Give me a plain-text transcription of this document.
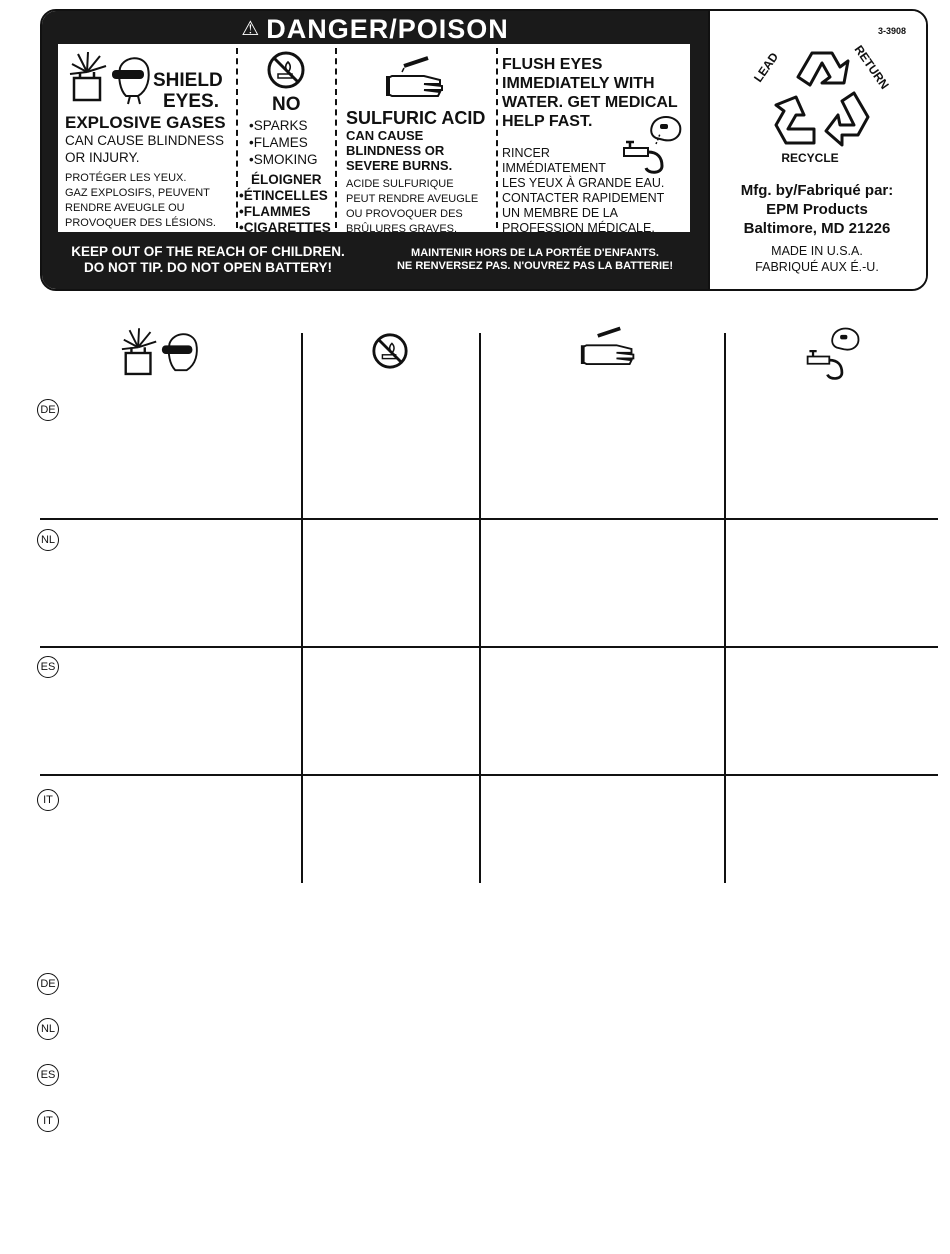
⚠ DANGER/POISON
SHIELD
EYES.
EXPLOSIVE GASES
CAN CAUSE BLINDNESS
OR INJURY.
PROTÉGER LES YEUX.
GAZ EXPLOSIFS, PEUVENT
RENDRE AVEUGLE OU
PROVOQUER DES LÉSIONS.
NO
•SPARKS
•FLAMES
•SMOKING
ÉLOIGNER
•ÉTINCELLES
•FLAMMES
•CIGARETTES
SULFURIC ACID
CAN CAUSE
BLINDNESS OR
SEVERE BURNS.
ACIDE SULFURIQUE
PEUT RENDRE AVEUGLE
OU PROVOQUER DES
BRÛLURES GRAVES.
FLUSH EYES
IMMEDIATELY WITH
WATER. GET MEDICAL
HELP FAST.
RINCER
IMMÉDIATEMENT
LES YEUX À GRANDE EAU.
CONTACTER RAPIDEMENT
UN MEMBRE DE LA
PROFESSION MÉDICALE.
KEEP OUT OF THE REACH OF CHILDREN.
DO NOT TIP. DO NOT OPEN BATTERY!
MAINTENIR HORS DE LA PORTÉE D'ENFANTS.
NE RENVERSEZ PAS. N'OUVREZ PAS LA BATTERIE!
3-3908
LEAD	RETURN
RECYCLE
Mfg. by/Fabriqué par:
EPM Products
Baltimore, MD 21226
MADE IN U.S.A.
FABRIQUÉ AUX É.-U.
DE
NL
ES
IT
DE
NL
ES
IT
